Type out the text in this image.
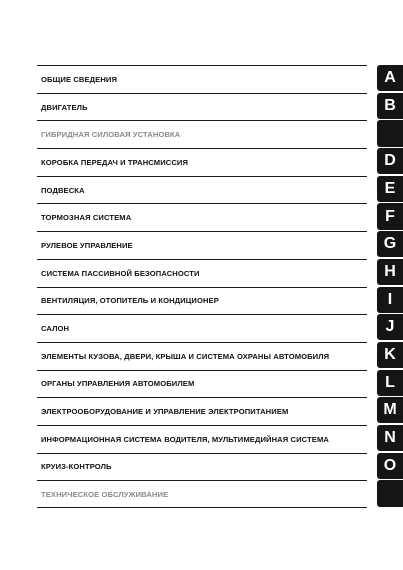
ОБЩИЕ СВЕДЕНИЯ
ДВИГАТЕЛЬ
ГИБРИДНАЯ СИЛОВАЯ УСТАНОВКА
КОРОБКА ПЕРЕДАЧ И ТРАНСМИССИЯ
ПОДВЕСКА
ТОРМОЗНАЯ СИСТЕМА
РУЛЕВОЕ УПРАВЛЕНИЕ
СИСТЕМА ПАССИВНОЙ БЕЗОПАСНОСТИ
ВЕНТИЛЯЦИЯ, ОТОПИТЕЛЬ И КОНДИЦИОНЕР
САЛОН
ЭЛЕМЕНТЫ КУЗОВА, ДВЕРИ, КРЫША И СИСТЕМА ОХРАНЫ АВТОМОБИЛЯ
ОРГАНЫ УПРАВЛЕНИЯ АВТОМОБИЛЕМ
ЭЛЕКТРООБОРУДОВАНИЕ И УПРАВЛЕНИЕ ЭЛЕКТРОПИТАНИЕМ
ИНФОРМАЦИОННАЯ СИСТЕМА ВОДИТЕЛЯ, МУЛЬТИМЕДИЙНАЯ СИСТЕМА
КРУИЗ-КОНТРОЛЬ
ТЕХНИЧЕСКОЕ ОБСЛУЖИВАНИЕ
A
B
D
E
F
G
H
I
J
K
L
M
N
O
